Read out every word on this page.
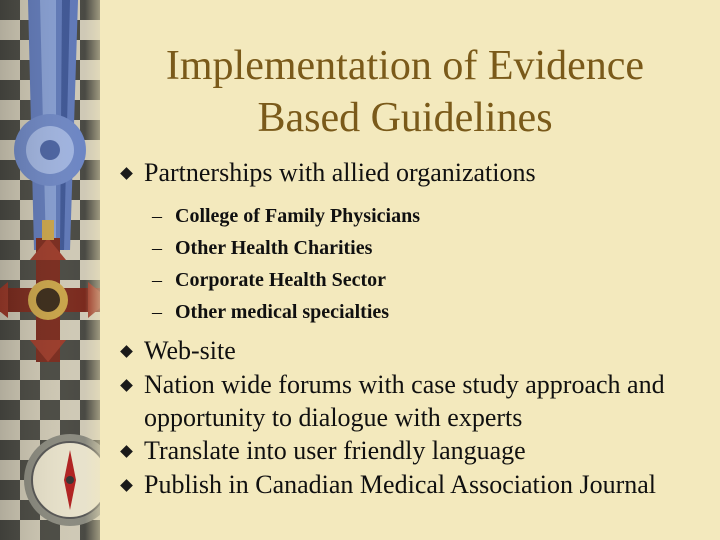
Implementation of Evidence
Based Guidelines
Partnerships with allied organizations
– College of Family Physicians
– Other Health Charities
– Corporate Health Sector
– Other medical specialties
Web-site
Nation wide forums with case study approach and
opportunity to dialogue with experts
Translate into user friendly language
Publish in Canadian Medical Association Journal
